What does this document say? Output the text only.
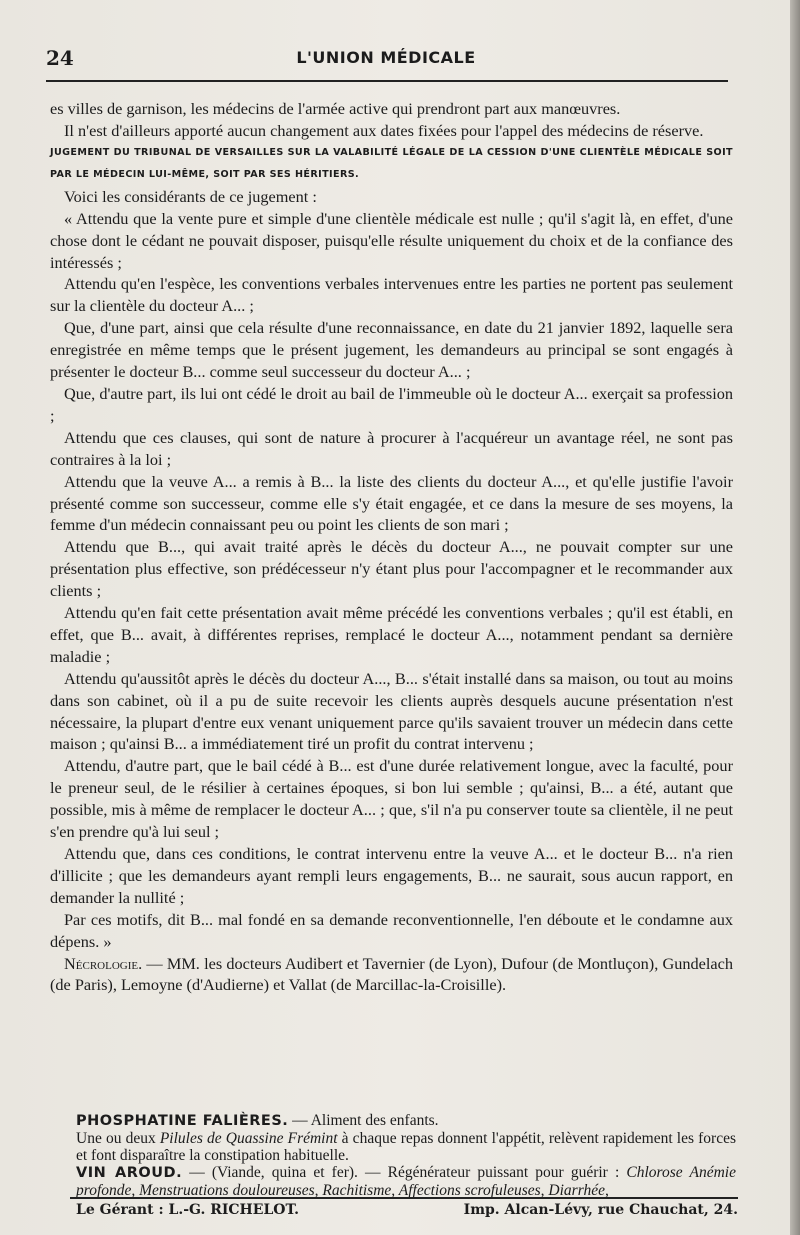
24	L'UNION MÉDICALE

es villes de garnison, les médecins de l'armée active qui prendront part aux manœuvres.

Il n'est d'ailleurs apporté aucun changement aux dates fixées pour l'appel des médecins de réserve.

JUGEMENT DU TRIBUNAL DE VERSAILLES SUR LA VALABILITÉ LÉGALE DE LA CESSION D'UNE CLIENTÈLE MÉDICALE SOIT PAR LE MÉDECIN LUI-MÊME, SOIT PAR SES HÉRITIERS.

Voici les considérants de ce jugement :

« Attendu que la vente pure et simple d'une clientèle médicale est nulle ; qu'il s'agit là, en effet, d'une chose dont le cédant ne pouvait disposer, puisqu'elle résulte uniquement du choix et de la confiance des intéressés ;

Attendu qu'en l'espèce, les conventions verbales intervenues entre les parties ne portent pas seulement sur la clientèle du docteur A... ;

Que, d'une part, ainsi que cela résulte d'une reconnaissance, en date du 21 janvier 1892, laquelle sera enregistrée en même temps que le présent jugement, les demandeurs au principal se sont engagés à présenter le docteur B... comme seul successeur du docteur A... ;

Que, d'autre part, ils lui ont cédé le droit au bail de l'immeuble où le docteur A... exerçait sa profession ;

Attendu que ces clauses, qui sont de nature à procurer à l'acquéreur un avantage réel, ne sont pas contraires à la loi ;

Attendu que la veuve A... a remis à B... la liste des clients du docteur A..., et qu'elle justifie l'avoir présenté comme son successeur, comme elle s'y était engagée, et ce dans la mesure de ses moyens, la femme d'un médecin connaissant peu ou point les clients de son mari ;

Attendu que B..., qui avait traité après le décès du docteur A..., ne pouvait compter sur une présentation plus effective, son prédécesseur n'y étant plus pour l'accompagner et le recommander aux clients ;

Attendu qu'en fait cette présentation avait même précédé les conventions verbales ; qu'il est établi, en effet, que B... avait, à différentes reprises, remplacé le docteur A..., notamment pendant sa dernière maladie ;

Attendu qu'aussitôt après le décès du docteur A..., B... s'était installé dans sa maison, ou tout au moins dans son cabinet, où il a pu de suite recevoir les clients auprès desquels aucune présentation n'est nécessaire, la plupart d'entre eux venant uniquement parce qu'ils savaient trouver un médecin dans cette maison ; qu'ainsi B... a immédiatement tiré un profit du contrat intervenu ;

Attendu, d'autre part, que le bail cédé à B... est d'une durée relativement longue, avec la faculté, pour le preneur seul, de le résilier à certaines époques, si bon lui semble ; qu'ainsi, B... a été, autant que possible, mis à même de remplacer le docteur A... ; que, s'il n'a pu conserver toute sa clientèle, il ne peut s'en prendre qu'à lui seul ;

Attendu que, dans ces conditions, le contrat intervenu entre la veuve A... et le docteur B... n'a rien d'illicite ; que les demandeurs ayant rempli leurs engagements, B... ne saurait, sous aucun rapport, en demander la nullité ;

Par ces motifs, dit B... mal fondé en sa demande reconventionnelle, l'en déboute et le condamne aux dépens. »

Nécrologie. — MM. les docteurs Audibert et Tavernier (de Lyon), Dufour (de Montluçon), Gundelach (de Paris), Lemoyne (d'Audierne) et Vallat (de Marcillac-la-Croisille).

PHOSPHATINE FALIÈRES. — Aliment des enfants.

Une ou deux Pilules de Quassine Frémint à chaque repas donnent l'appétit, relèvent rapidement les forces et font disparaître la constipation habituelle.

VIN AROUD. — (Viande, quina et fer). — Régénérateur puissant pour guérir : Chlorose Anémie profonde, Menstruations douloureuses, Rachitisme, Affections scrofuleuses, Diarrhée,

Le Gérant : L.-G. RICHELOT.	Imp. Alcan-Lévy, rue Chauchat, 24.
